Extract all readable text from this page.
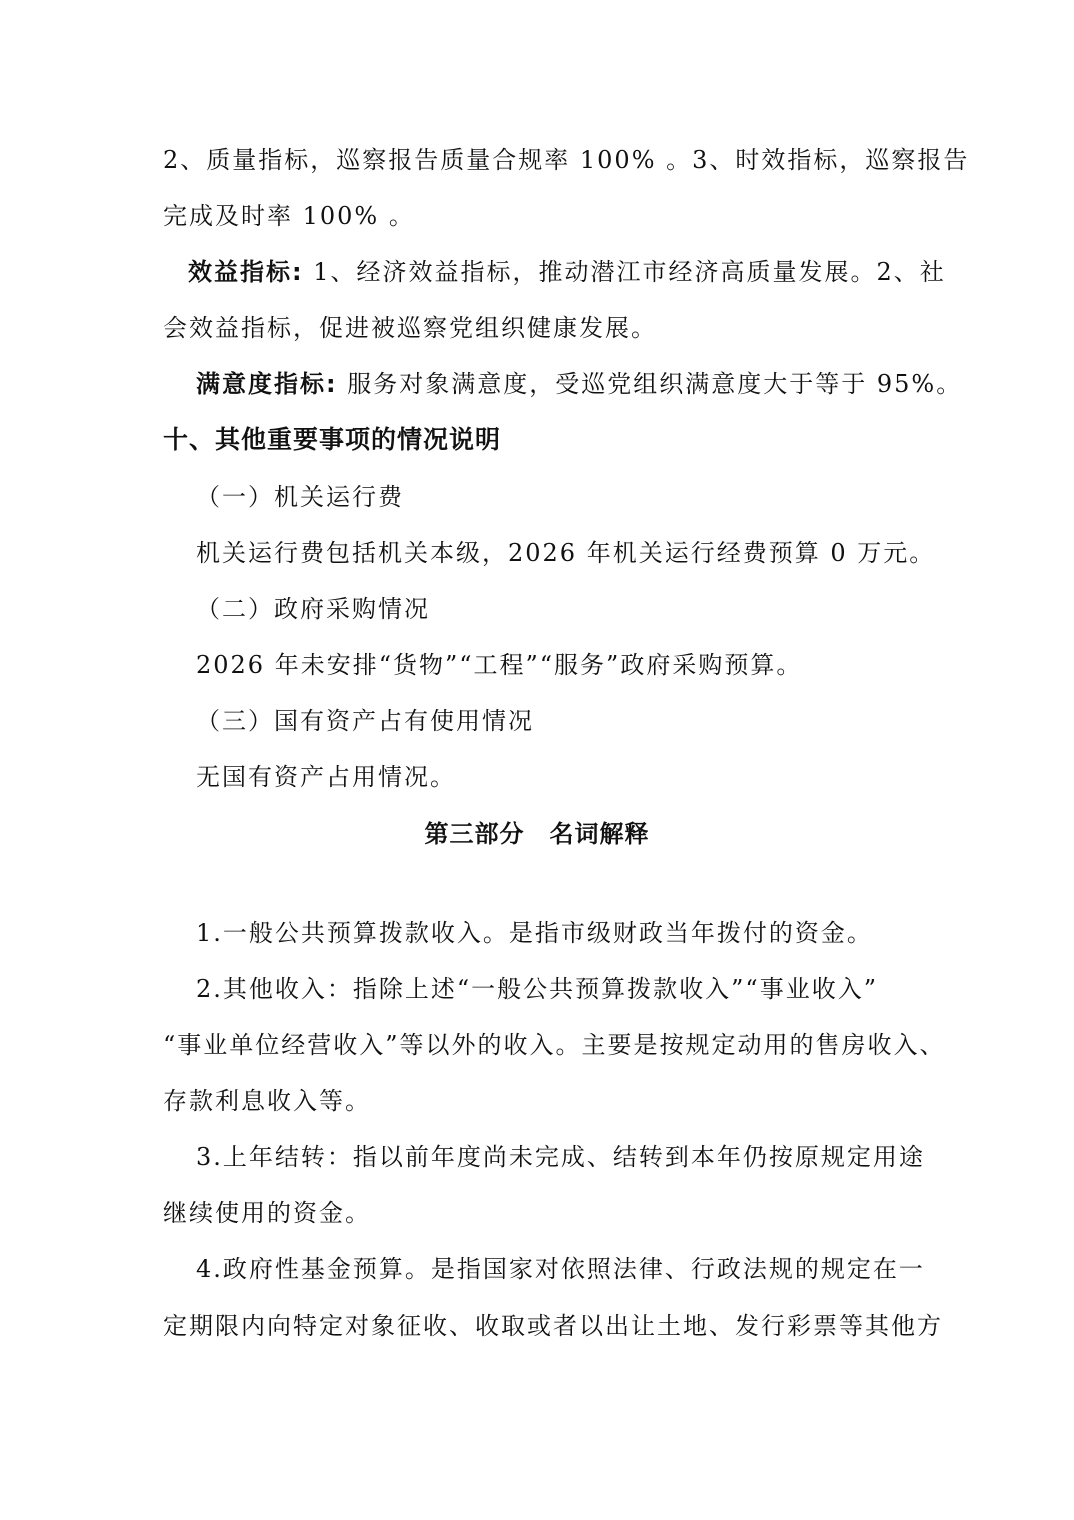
2、质量指标，巡察报告质量合规率 100% 。3、时效指标，巡察报告
完成及时率 100% 。
效益指标: 1、经济效益指标，推动潜江市经济高质量发展。2、社
会效益指标，促进被巡察党组织健康发展。
满意度指标: 服务对象满意度，受巡党组织满意度大于等于 95%。
十、其他重要事项的情况说明
（一）机关运行费
机关运行费包括机关本级，2026 年机关运行经费预算 0 万元。
（二）政府采购情况
2026 年未安排“货物”“工程”“服务”政府采购预算。
（三）国有资产占有使用情况
无国有资产占用情况。
第三部分　名词解释
1.一般公共预算拨款收入。是指市级财政当年拨付的资金。
2.其他收入：指除上述“一般公共预算拨款收入”“事业收入”
“事业单位经营收入”等以外的收入。主要是按规定动用的售房收入、
存款利息收入等。
3.上年结转：指以前年度尚未完成、结转到本年仍按原规定用途
继续使用的资金。
4.政府性基金预算。是指国家对依照法律、行政法规的规定在一
定期限内向特定对象征收、收取或者以出让土地、发行彩票等其他方
